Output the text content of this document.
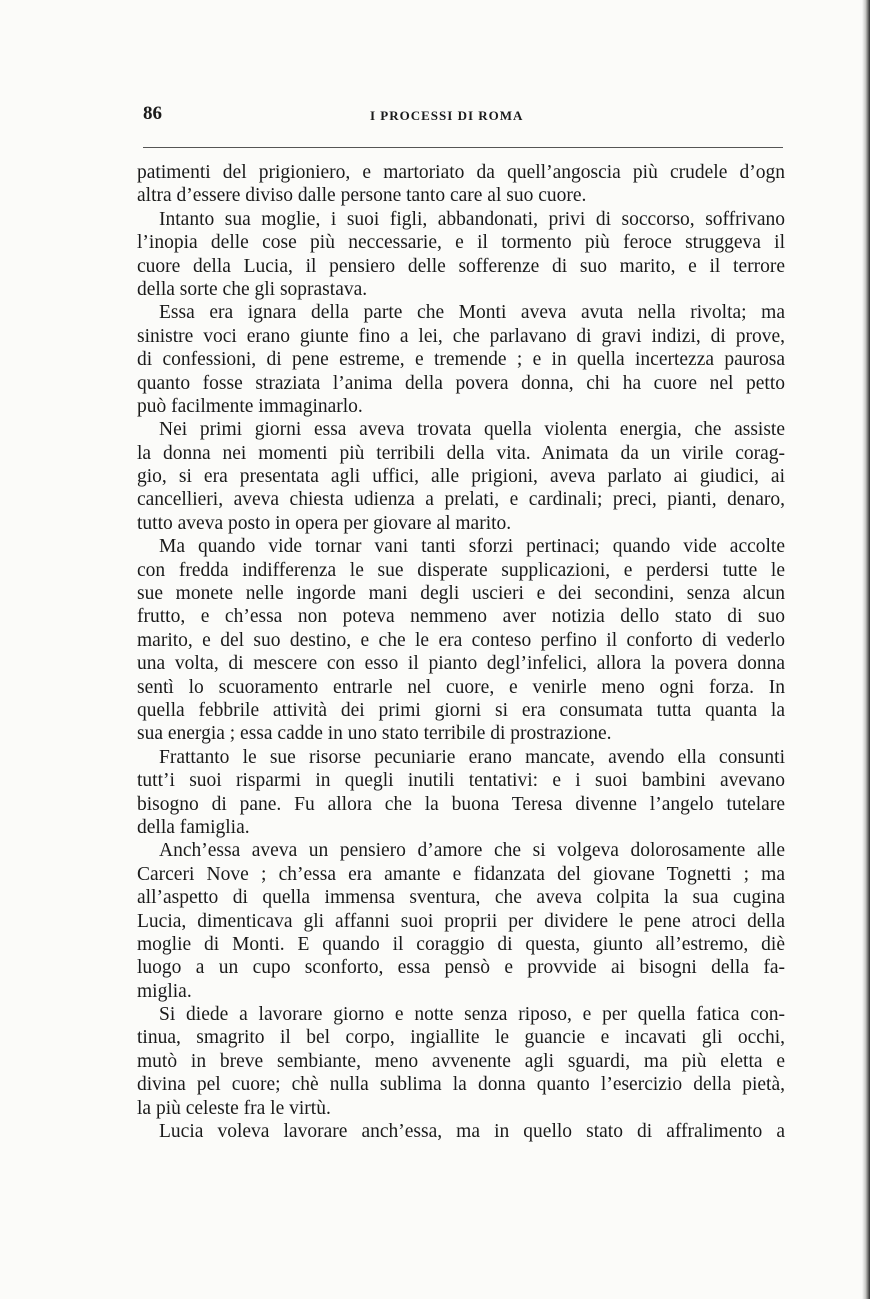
86	I PROCESSI DI ROMA
patimenti del prigioniero, e martoriato da quell’angoscia più crudele d’ogn
altra d’essere diviso dalle persone tanto care al suo cuore.
Intanto sua moglie, i suoi figli, abbandonati, privi di soccorso, soffrivano
l’inopia delle cose più neccessarie, e il tormento più feroce struggeva il
cuore della Lucia, il pensiero delle sofferenze di suo marito, e il terrore
della sorte che gli soprastava.
Essa era ignara della parte che Monti aveva avuta nella rivolta; ma
sinistre voci erano giunte fino a lei, che parlavano di gravi indizi, di prove,
di confessioni, di pene estreme, e tremende ; e in quella incertezza paurosa
quanto fosse straziata l’anima della povera donna, chi ha cuore nel petto
può facilmente immaginarlo.
Nei primi giorni essa aveva trovata quella violenta energia, che assiste
la donna nei momenti più terribili della vita. Animata da un virile corag-
gio, si era presentata agli uffici, alle prigioni, aveva parlato ai giudici, ai
cancellieri, aveva chiesta udienza a prelati, e cardinali; preci, pianti, denaro,
tutto aveva posto in opera per giovare al marito.
Ma quando vide tornar vani tanti sforzi pertinaci; quando vide accolte
con fredda indifferenza le sue disperate supplicazioni, e perdersi tutte le
sue monete nelle ingorde mani degli uscieri e dei secondini, senza alcun
frutto, e ch’essa non poteva nemmeno aver notizia dello stato di suo
marito, e del suo destino, e che le era conteso perfino il conforto di vederlo
una volta, di mescere con esso il pianto degl’infelici, allora la povera donna
sentì lo scuoramento entrarle nel cuore, e venirle meno ogni forza. In
quella febbrile attività dei primi giorni si era consumata tutta quanta la
sua energia ; essa cadde in uno stato terribile di prostrazione.
Frattanto le sue risorse pecuniarie erano mancate, avendo ella consunti
tutt’i suoi risparmi in quegli inutili tentativi: e i suoi bambini avevano
bisogno di pane. Fu allora che la buona Teresa divenne l’angelo tutelare
della famiglia.
Anch’essa aveva un pensiero d’amore che si volgeva dolorosamente alle
Carceri Nove ; ch’essa era amante e fidanzata del giovane Tognetti ; ma
all’aspetto di quella immensa sventura, che aveva colpita la sua cugina
Lucia, dimenticava gli affanni suoi proprii per dividere le pene atroci della
moglie di Monti. E quando il coraggio di questa, giunto all’estremo, diè
luogo a un cupo sconforto, essa pensò e provvide ai bisogni della fa-
miglia.
Si diede a lavorare giorno e notte senza riposo, e per quella fatica con-
tinua, smagrito il bel corpo, ingiallite le guancie e incavati gli occhi,
mutò in breve sembiante, meno avvenente agli sguardi, ma più eletta e
divina pel cuore; chè nulla sublima la donna quanto l’esercizio della pietà,
la più celeste fra le virtù.
Lucia voleva lavorare anch’essa, ma in quello stato di affralimento a
